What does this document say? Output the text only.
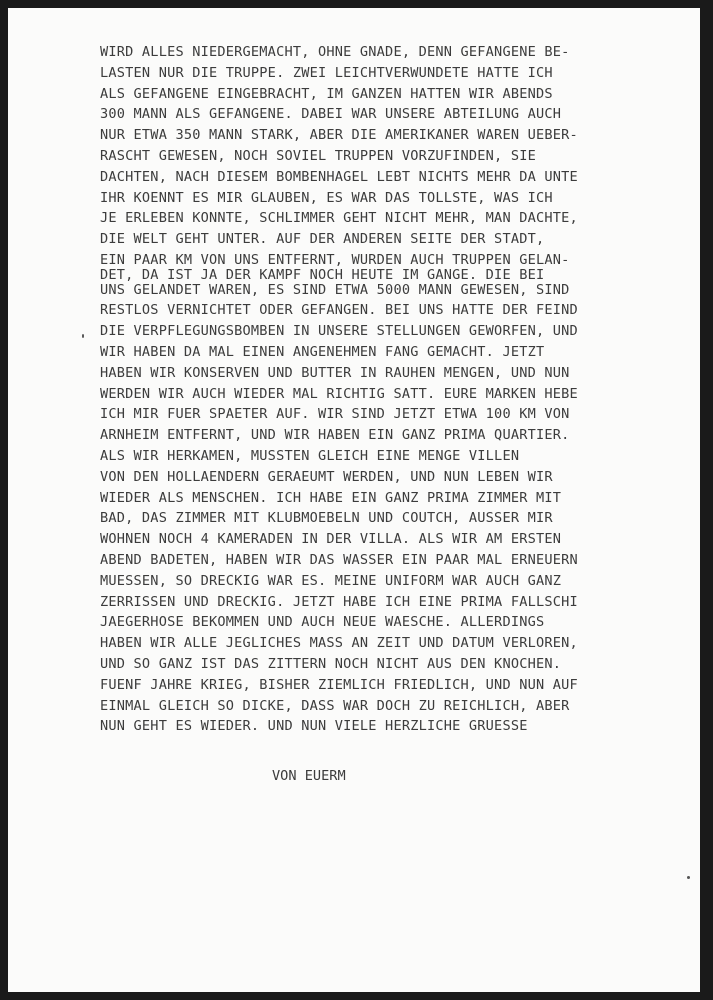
WIRD ALLES NIEDERGEMACHT, OHNE GNADE, DENN GEFANGENE BE-
LASTEN NUR DIE TRUPPE. ZWEI LEICHTVERWUNDETE HATTE ICH
ALS GEFANGENE EINGEBRACHT, IM GANZEN HATTEN WIR ABENDS
300 MANN ALS GEFANGENE. DABEI WAR UNSERE ABTEILUNG AUCH
NUR ETWA 350 MANN STARK, ABER DIE AMERIKANER WAREN UEBER-
RASCHT GEWESEN, NOCH SOVIEL TRUPPEN VORZUFINDEN, SIE
DACHTEN, NACH DIESEM BOMBENHAGEL LEBT NICHTS MEHR DA UNTE
IHR KOENNT ES MIR GLAUBEN, ES WAR DAS TOLLSTE, WAS ICH
JE ERLEBEN KONNTE, SCHLIMMER GEHT NICHT MEHR, MAN DACHTE,
DIE WELT GEHT UNTER. AUF DER ANDEREN SEITE DER STADT,
EIN PAAR KM VON UNS ENTFERNT, WURDEN AUCH TRUPPEN GELAN-
DET, DA IST JA DER KAMPF NOCH HEUTE IM GANGE. DIE BEI
UNS GELANDET WAREN, ES SIND ETWA 5000 MANN GEWESEN, SIND
RESTLOS VERNICHTET ODER GEFANGEN. BEI UNS HATTE DER FEIND
DIE VERPFLEGUNGSBOMBEN IN UNSERE STELLUNGEN GEWORFEN, UND
WIR HABEN DA MAL EINEN ANGENEHMEN FANG GEMACHT. JETZT
HABEN WIR KONSERVEN UND BUTTER IN RAUHEN MENGEN, UND NUN
WERDEN WIR AUCH WIEDER MAL RICHTIG SATT. EURE MARKEN HEBE
ICH MIR FUER SPAETER AUF. WIR SIND JETZT ETWA 100 KM VON
ARNHEIM ENTFERNT, UND WIR HABEN EIN GANZ PRIMA QUARTIER.
ALS WIR HERKAMEN, MUSSTEN GLEICH EINE MENGE VILLEN
VON DEN HOLLAENDERN GERAEUMT WERDEN, UND NUN LEBEN WIR
WIEDER ALS MENSCHEN. ICH HABE EIN GANZ PRIMA ZIMMER MIT
BAD, DAS ZIMMER MIT KLUBMOEBELN UND COUTCH, AUSSER MIR
WOHNEN NOCH 4 KAMERADEN IN DER VILLA. ALS WIR AM ERSTEN
ABEND BADETEN, HABEN WIR DAS WASSER EIN PAAR MAL ERNEUERN
MUESSEN, SO DRECKIG WAR ES. MEINE UNIFORM WAR AUCH GANZ
ZERRISSEN UND DRECKIG. JETZT HABE ICH EINE PRIMA FALLSCHI
JAEGERHOSE BEKOMMEN UND AUCH NEUE WAESCHE. ALLERDINGS
HABEN WIR ALLE JEGLICHES MASS AN ZEIT UND DATUM VERLOREN,
UND SO GANZ IST DAS ZITTERN NOCH NICHT AUS DEN KNOCHEN.
FUENF JAHRE KRIEG, BISHER ZIEMLICH FRIEDLICH, UND NUN AUF
EINMAL GLEICH SO DICKE, DASS WAR DOCH ZU REICHLICH, ABER
NUN GEHT ES WIEDER. UND NUN VIELE HERZLICHE GRUESSE
VON EUERM
